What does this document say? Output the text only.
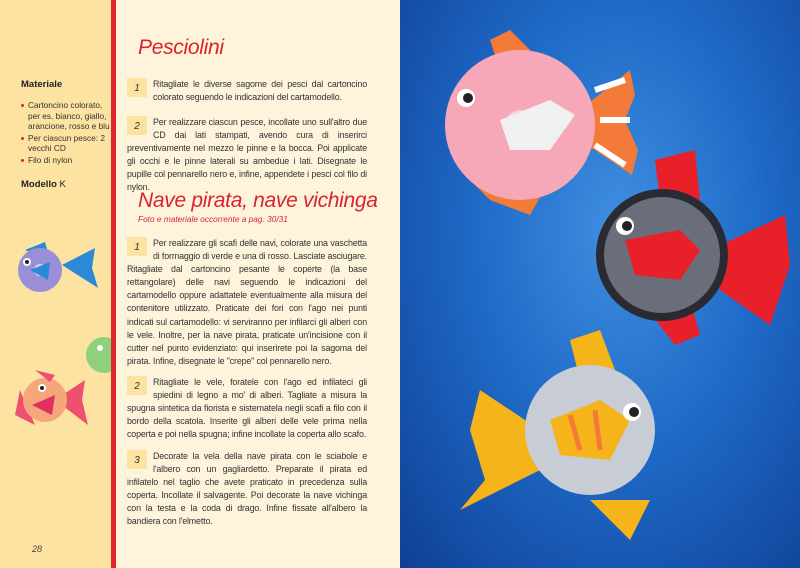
Materiale
Cartoncino colorato, per es. bianco, giallo, arancione, rosso e blu
Per ciascun pesce: 2 vecchi CD
Filo di nylon
Modello K
28
Pesciolini
1	Ritagliate le diverse sagome dei pesci dal cartoncino colorato seguendo le indicazioni del cartamodello.

2	Per realizzare ciascun pesce, incollate uno sull'altro due CD dai lati stampati, avendo cura di inserirci preventivamente nel mezzo le pinne e la bocca. Poi applicate gli occhi e le pinne laterali su ambedue i lati. Disegnate le pupille col pennarello nero e, infine, appendete i pesci col filo di nylon.

Nave pirata, nave vichinga
Foto e materiale occorrente a pag. 30/31
1	Per realizzare gli scafi delle navi, colorate una vaschetta di formaggio di verde e una di rosso. Lasciate asciugare. Ritagliate dal cartoncino pesante le coperte (la base rettangolare) delle navi seguendo le indicazioni del cartamodello oppure adattatele eventualmente alla misura del contenitore utilizzato. Praticate dei fori con l'ago nei punti indicati sul cartamodello: vi serviranno per infilarci gli alberi con le vele. Inoltre, per la nave pirata, praticate un'incisione con il cutter nel punto evidenziato: qui inserirete poi la sagoma del pirata. Infine, disegnate le "crepe" col pennarello nero.

2	Ritagliate le vele, foratele con l'ago ed infilateci gli spiedini di legno a mo' di alberi. Tagliate a misura la spugna sintetica da fiorista e sistematela negli scafi a filo con il bordo della scatola. Inserite gli alberi delle vele prima nella coperta e poi nella spugna; infine incollate la coperta allo scafo.

3	Decorate la vela della nave pirata con le sciabole e l'albero con un gagliardetto. Preparate il pirata ed infilatelo nel taglio che avete praticato in precedenza sulla coperta. Incollate il salvagente. Poi decorate la nave vichinga con la testa e la coda di drago. Infine fissate all'albero la bandiera con l'elmetto.
